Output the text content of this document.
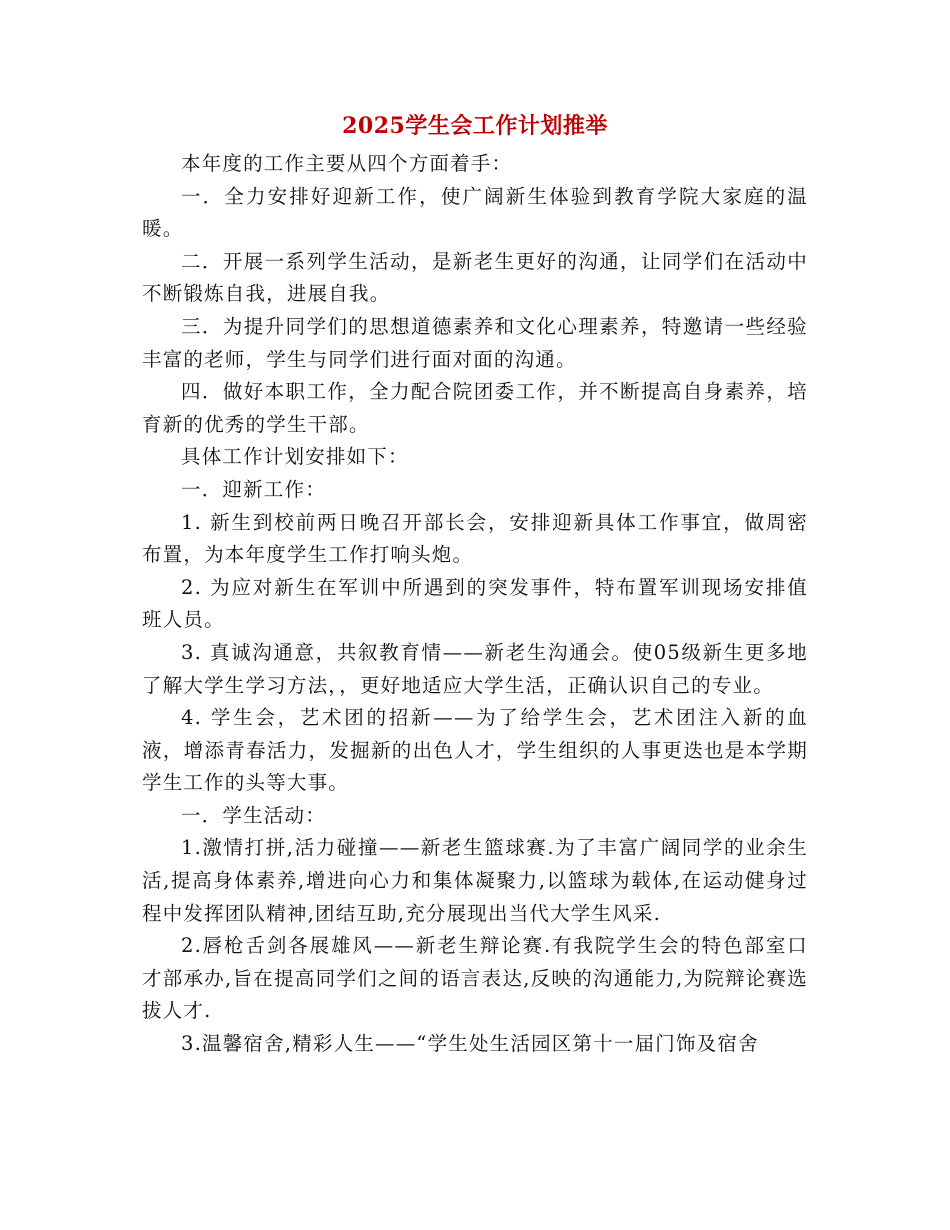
2025学生会工作计划推举

本年度的工作主要从四个方面着手：

一．全力安排好迎新工作，使广阔新生体验到教育学院大家庭的温暖。

二．开展一系列学生活动，是新老生更好的沟通，让同学们在活动中不断锻炼自我，进展自我。

三．为提升同学们的思想道德素养和文化心理素养，特邀请一些经验丰富的老师，学生与同学们进行面对面的沟通。

四．做好本职工作，全力配合院团委工作，并不断提高自身素养，培育新的优秀的学生干部。

具体工作计划安排如下：

一．迎新工作：

1. 新生到校前两日晚召开部长会，安排迎新具体工作事宜，做周密布置，为本年度学生工作打响头炮。

2. 为应对新生在军训中所遇到的突发事件，特布置军训现场安排值班人员。

3. 真诚沟通意，共叙教育情——新老生沟通会。使05级新生更多地了解大学生学习方法，，更好地适应大学生活，正确认识自己的专业。

4. 学生会，艺术团的招新——为了给学生会，艺术团注入新的血液，增添青春活力，发掘新的出色人才，学生组织的人事更迭也是本学期学生工作的头等大事。

一．学生活动：

1.激情打拼,活力碰撞——新老生篮球赛.为了丰富广阔同学的业余生活,提高身体素养,增进向心力和集体凝聚力,以篮球为载体,在运动健身过程中发挥团队精神,团结互助,充分展现出当代大学生风采.

2.唇枪舌剑各展雄风——新老生辩论赛.有我院学生会的特色部室口才部承办,旨在提高同学们之间的语言表达,反映的沟通能力,为院辩论赛选拔人才.

3.温馨宿舍,精彩人生——“学生处生活园区第十一届门饰及宿舍
